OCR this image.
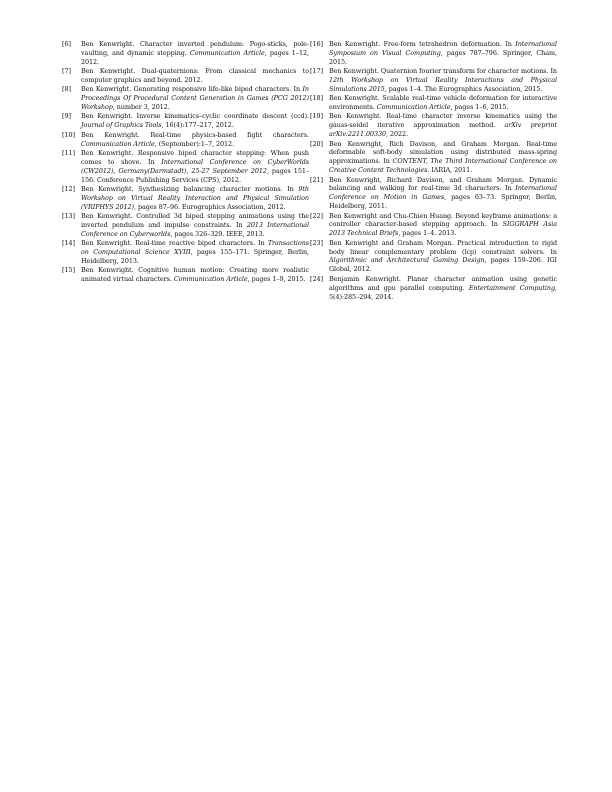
[6]	Ben Kenwright. Character inverted pendulum: Pogo-sticks, pole-vaulting, and dynamic stepping. Communication Article, pages 1–12, 2012.
[7]	Ben Kenwright. Dual-quaternions: From classical mechanics to computer graphics and beyond. 2012.
[8]	Ben Kenwright. Generating responsive life-like biped characters. In In Proceedings Of Procedural Content Generation in Games (PCG 2012) Workshop, number 3, 2012.
[9]	Ben Kenwright. Inverse kinematics–cyclic coordinate descent (ccd). Journal of Graphics Tools, 16(4):177–217, 2012.
[10] Ben Kenwright. Real-time physics-based fight characters. Communication Article, (September):1–7, 2012.
[11] Ben Kenwright. Responsive biped character stepping: When push comes to shove. In International Conference on CyberWorlds (CW2012), Germany(Darmstadt), 25-27 September 2012, pages 151–156. Conference Publishing Services (CPS), 2012.
[12] Ben Kenwright. Synthesizing balancing character motions. In 9th Workshop on Virtual Reality Interaction and Physical Simulation (VRIPHYS 2012), pages 87–96. Eurographics Association, 2012.
[13] Ben Kenwright. Controlled 3d biped stepping animations using the inverted pendulum and impulse constraints. In 2013 International Conference on Cyberworlds, pages 326–329. IEEE, 2013.
[14] Ben Kenwright. Real-time reactive biped characters. In Transactions on Computational Science XVIII, pages 155–171. Springer, Berlin, Heidelberg, 2013.
[15] Ben Kenwright. Cognitive human motion: Creating more realistic animated virtual characters. Communication Article, pages 1–9, 2015.
[16] Ben Kenwright. Free-form tetrahedron deformation. In International Symposium on Visual Computing, pages 787–796. Springer, Cham, 2015.
[17] Ben Kenwright. Quaternion fourier transform for character motions. In 12th Workshop on Virtual Reality Interactions and Physical Simulations 2015, pages 1–4. The Eurographics Association, 2015.
[18] Ben Kenwright. Scalable real-time vehicle deformation for interactive environments. Communication Article, pages 1–6, 2015.
[19] Ben Kenwright. Real-time character inverse kinematics using the gauss-seidel iterative approximation method. arXiv preprint arXiv:2211.00330, 2022.
[20] Ben Kenwright, Rich Davison, and Graham Morgan. Real-time deformable soft-body simulation using distributed mass-spring approximations. In CONTENT, The Third International Conference on Creative Content Technologies. IARIA, 2011.
[21] Ben Kenwright, Richard Davison, and Graham Morgan. Dynamic balancing and walking for real-time 3d characters. In International Conference on Motion in Games, pages 63–73. Springer, Berlin, Heidelberg, 2011.
[22] Ben Kenwright and Chu-Chien Huang. Beyond keyframe animations: a controller character-based stepping approach. In SIGGRAPH Asia 2013 Technical Briefs, pages 1–4. 2013.
[23] Ben Kenwright and Graham Morgan. Practical introduction to rigid body linear complementary problem (lcp) constraint solvers. In Algorithmic and Architectural Gaming Design, pages 159–206. IGI Global, 2012.
[24] Benjamin Kenwright. Planar character animation using genetic algorithms and gpu parallel computing. Entertainment Computing, 5(4):285–294, 2014.
